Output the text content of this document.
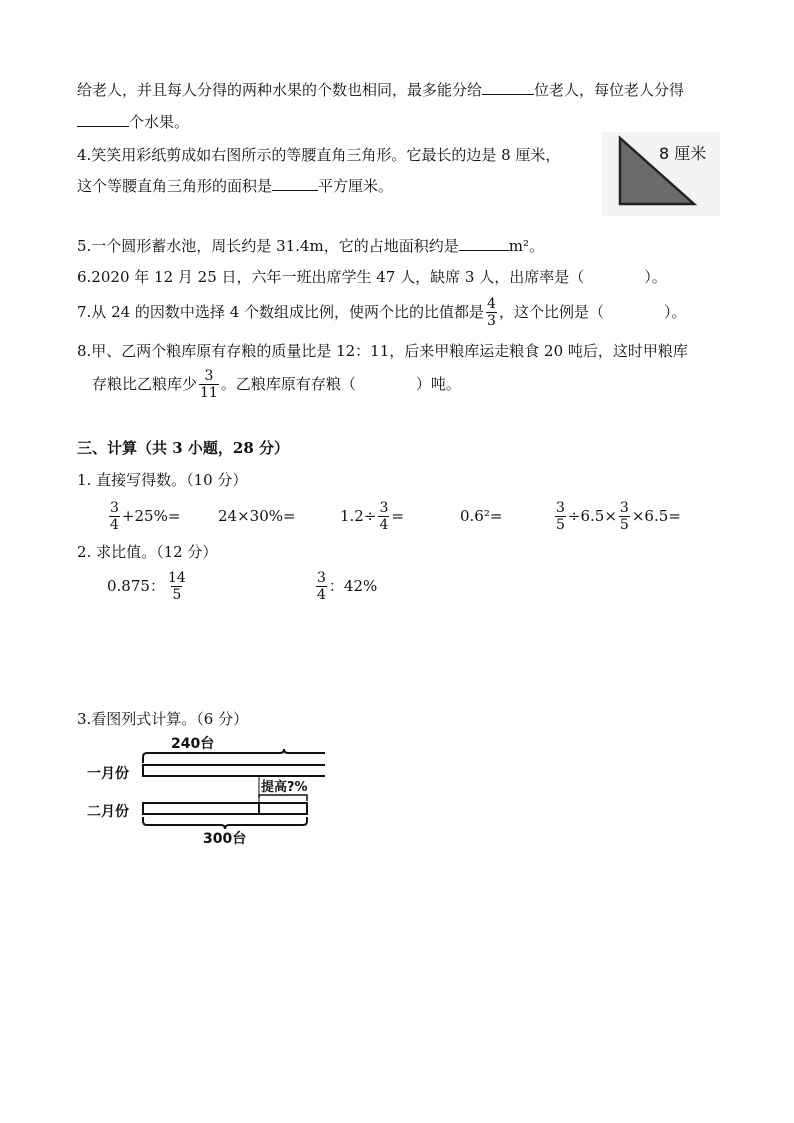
给老人，并且每人分得的两种水果的个数也相同，最多能分给	位老人，每位老人分得
个水果。
4.笑笑用彩纸剪成如右图所示的等腰直角三角形。它最长的边是 8 厘米，
这个等腰直角三角形的面积是	平方厘米。
8 厘米
5.一个圆形蓄水池，周长约是 31.4m，它的占地面积约是	m²。
6.2020 年 12 月 25 日，六年一班出席学生 47 人，缺席 3 人，出席率是（　　　　）。
7.从 24 的因数中选择 4 个数组成比例，使两个比的比值都是 $\frac{4}{3}$ ，这个比例是（　　　　）。
8.甲、乙两个粮库原有存粮的质量比是 12：11，后来甲粮库运走粮食 20 吨后，这时甲粮库
存粮比乙粮库少 $\frac{3}{11}$ 。乙粮库原有存粮（　　　　）吨。
三、计算（共 3 小题，28 分）
1. 直接写得数。（10 分）
$\frac{3}{4} +25\%=$	24×30%=	$1.2\div \frac{3}{4}$ =	0.6²=	$\frac{3}{5} \div 6.5\times \frac{3}{5} \times 6.5=$
2. 求比值。（12 分）
0.875： $\frac{14}{5}$	$\frac{3}{4}$ ：42%
3.看图列式计算。（6 分）
240台
一月份
提高?%
二月份
300台
